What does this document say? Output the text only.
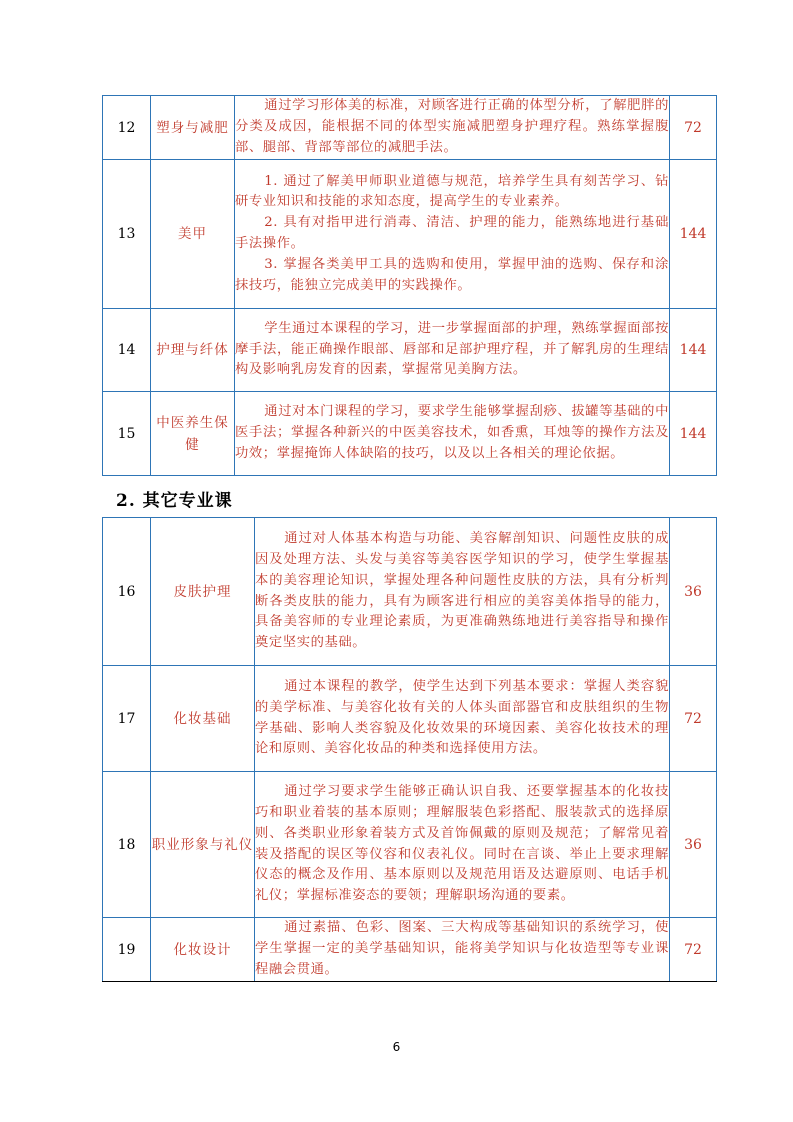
12	塑身与减肥	通过学习形体美的标准，对顾客进行正确的体型分析，了解肥胖的分类及成因，能根据不同的体型实施减肥塑身护理疗程。熟练掌握腹部、腿部、背部等部位的减肥手法。	72
13	美甲	1. 通过了解美甲师职业道德与规范，培养学生具有刻苦学习、钻研专业知识和技能的求知态度，提高学生的专业素养。

2. 具有对指甲进行消毒、清洁、护理的能力，能熟练地进行基础手法操作。

3. 掌握各类美甲工具的选购和使用，掌握甲油的选购、保存和涂抹技巧，能独立完成美甲的实践操作。	144
14	护理与纤体	学生通过本课程的学习，进一步掌握面部的护理，熟练掌握面部按摩手法，能正确操作眼部、唇部和足部护理疗程，并了解乳房的生理结构及影响乳房发育的因素，掌握常见美胸方法。	144
15	中医养生保健	通过对本门课程的学习，要求学生能够掌握刮痧、拔罐等基础的中医手法；掌握各种新兴的中医美容技术，如香熏，耳烛等的操作方法及功效；掌握掩饰人体缺陷的技巧，以及以上各相关的理论依据。	144
2. 其它专业课
16	皮肤护理	通过对人体基本构造与功能、美容解剖知识、问题性皮肤的成因及处理方法、头发与美容等美容医学知识的学习，使学生掌握基本的美容理论知识，掌握处理各种问题性皮肤的方法，具有分析判断各类皮肤的能力，具有为顾客进行相应的美容美体指导的能力，具备美容师的专业理论素质，为更准确熟练地进行美容指导和操作奠定坚实的基础。	36
17	化妆基础	通过本课程的教学，使学生达到下列基本要求：掌握人类容貌的美学标准、与美容化妆有关的人体头面部器官和皮肤组织的生物学基础、影响人类容貌及化妆效果的环境因素、美容化妆技术的理论和原则、美容化妆品的种类和选择使用方法。	72
18	职业形象与礼仪	通过学习要求学生能够正确认识自我、还要掌握基本的化妆技巧和职业着装的基本原则；理解服装色彩搭配、服装款式的选择原则、各类职业形象着装方式及首饰佩戴的原则及规范；了解常见着装及搭配的误区等仪容和仪表礼仪。同时在言谈、举止上要求理解仪态的概念及作用、基本原则以及规范用语及达避原则、电话手机礼仪；掌握标准姿态的要领；理解职场沟通的要素。	36
19	化妆设计	通过素描、色彩、图案、三大构成等基础知识的系统学习，使学生掌握一定的美学基础知识，能将美学知识与化妆造型等专业课程融会贯通。	72
6
